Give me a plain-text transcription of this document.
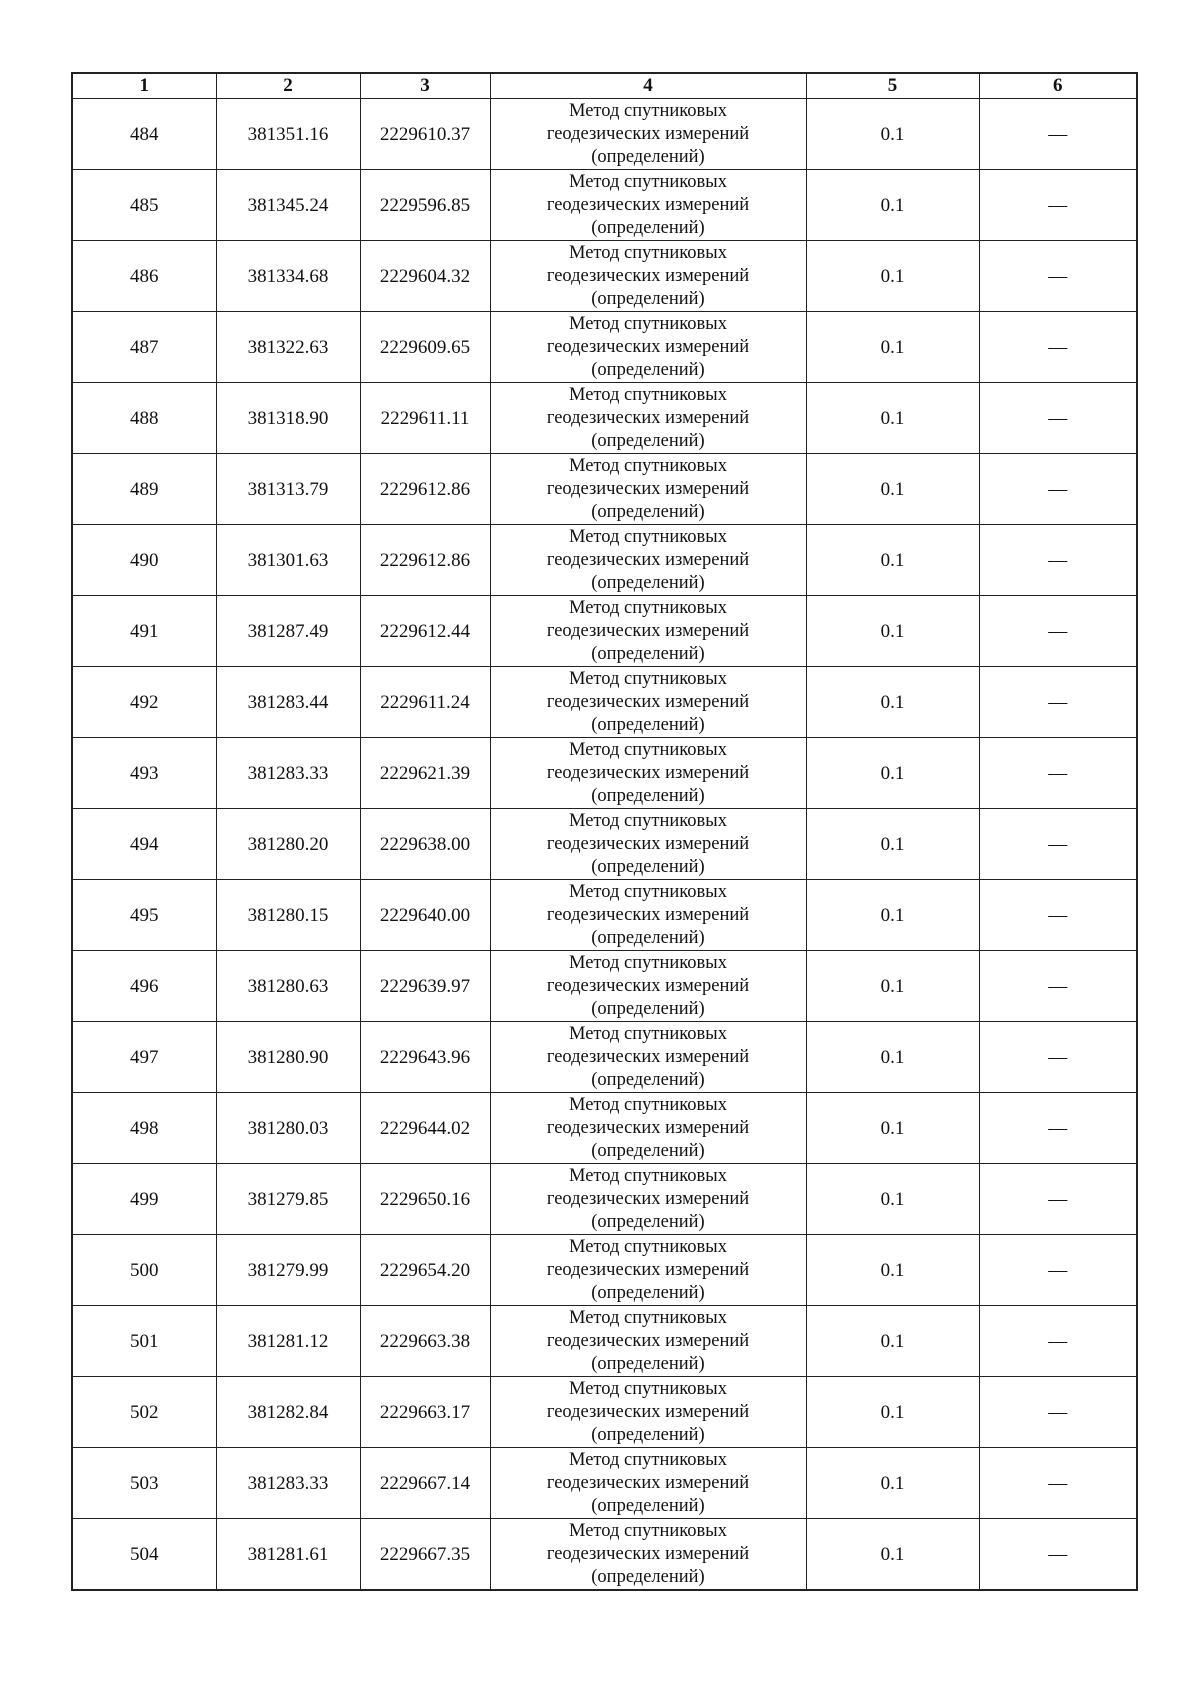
1	2	3	4	5	6
484	381351.16	2229610.37	Метод спутниковых
геодезических измерений
(определений)	0.1	—
485	381345.24	2229596.85	Метод спутниковых
геодезических измерений
(определений)	0.1	—
486	381334.68	2229604.32	Метод спутниковых
геодезических измерений
(определений)	0.1	—
487	381322.63	2229609.65	Метод спутниковых
геодезических измерений
(определений)	0.1	—
488	381318.90	2229611.11	Метод спутниковых
геодезических измерений
(определений)	0.1	—
489	381313.79	2229612.86	Метод спутниковых
геодезических измерений
(определений)	0.1	—
490	381301.63	2229612.86	Метод спутниковых
геодезических измерений
(определений)	0.1	—
491	381287.49	2229612.44	Метод спутниковых
геодезических измерений
(определений)	0.1	—
492	381283.44	2229611.24	Метод спутниковых
геодезических измерений
(определений)	0.1	—
493	381283.33	2229621.39	Метод спутниковых
геодезических измерений
(определений)	0.1	—
494	381280.20	2229638.00	Метод спутниковых
геодезических измерений
(определений)	0.1	—
495	381280.15	2229640.00	Метод спутниковых
геодезических измерений
(определений)	0.1	—
496	381280.63	2229639.97	Метод спутниковых
геодезических измерений
(определений)	0.1	—
497	381280.90	2229643.96	Метод спутниковых
геодезических измерений
(определений)	0.1	—
498	381280.03	2229644.02	Метод спутниковых
геодезических измерений
(определений)	0.1	—
499	381279.85	2229650.16	Метод спутниковых
геодезических измерений
(определений)	0.1	—
500	381279.99	2229654.20	Метод спутниковых
геодезических измерений
(определений)	0.1	—
501	381281.12	2229663.38	Метод спутниковых
геодезических измерений
(определений)	0.1	—
502	381282.84	2229663.17	Метод спутниковых
геодезических измерений
(определений)	0.1	—
503	381283.33	2229667.14	Метод спутниковых
геодезических измерений
(определений)	0.1	—
504	381281.61	2229667.35	Метод спутниковых
геодезических измерений
(определений)	0.1	—
